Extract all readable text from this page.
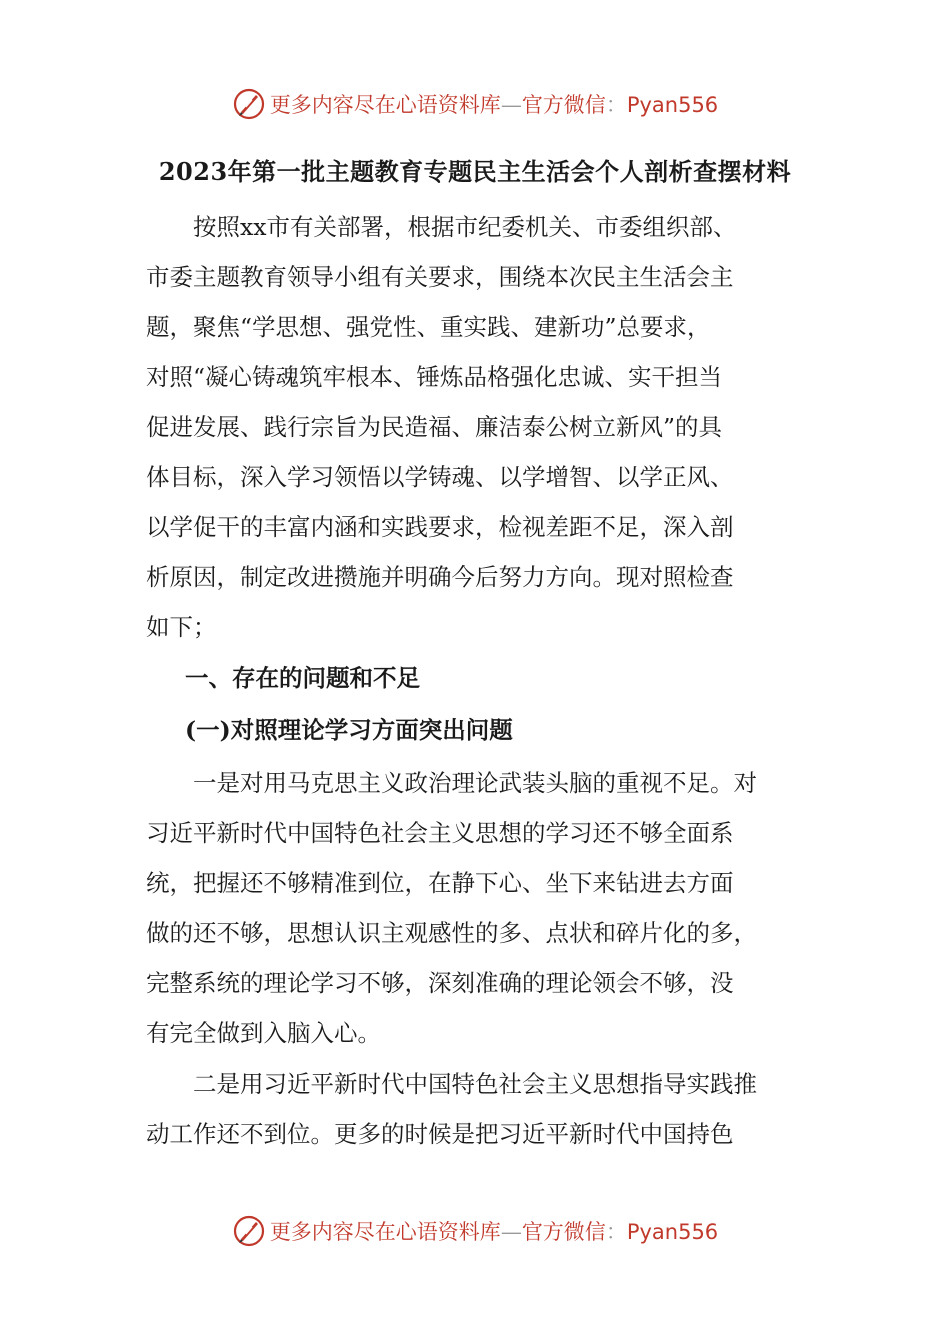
更多内容尽在心语资料库—官方微信：Pyan556
2023年第一批主题教育专题民主生活会个人剖析查摆材料

按照xx市有关部署，根据市纪委机关、市委组织部、
市委主题教育领导小组有关要求，围绕本次民主生活会主
题，聚焦“学思想、强党性、重实践、建新功”总要求，
对照“凝心铸魂筑牢根本、锤炼品格强化忠诚、实干担当
促进发展、践行宗旨为民造福、廉洁泰公树立新风”的具
体目标，深入学习领悟以学铸魂、以学增智、以学正风、
以学促干的丰富内涵和实践要求，检视差距不足，深入剖
析原因，制定改进攒施并明确今后努力方向。现对照检查
如下；

一、存在的问题和不足
(一)对照理论学习方面突出问题

一是对用马克思主义政治理论武装头脑的重视不足。对
习近平新时代中国特色社会主义思想的学习还不够全面系
统，把握还不够精准到位，在静下心、坐下来钻进去方面
做的还不够，思想认识主观感性的多、点状和碎片化的多，
完整系统的理论学习不够，深刻准确的理论领会不够，没
有完全做到入脑入心。

二是用习近平新时代中国特色社会主义思想指导实践推
动工作还不到位。更多的时候是把习近平新时代中国持色

更多内容尽在心语资料库—官方微信：Pyan556
